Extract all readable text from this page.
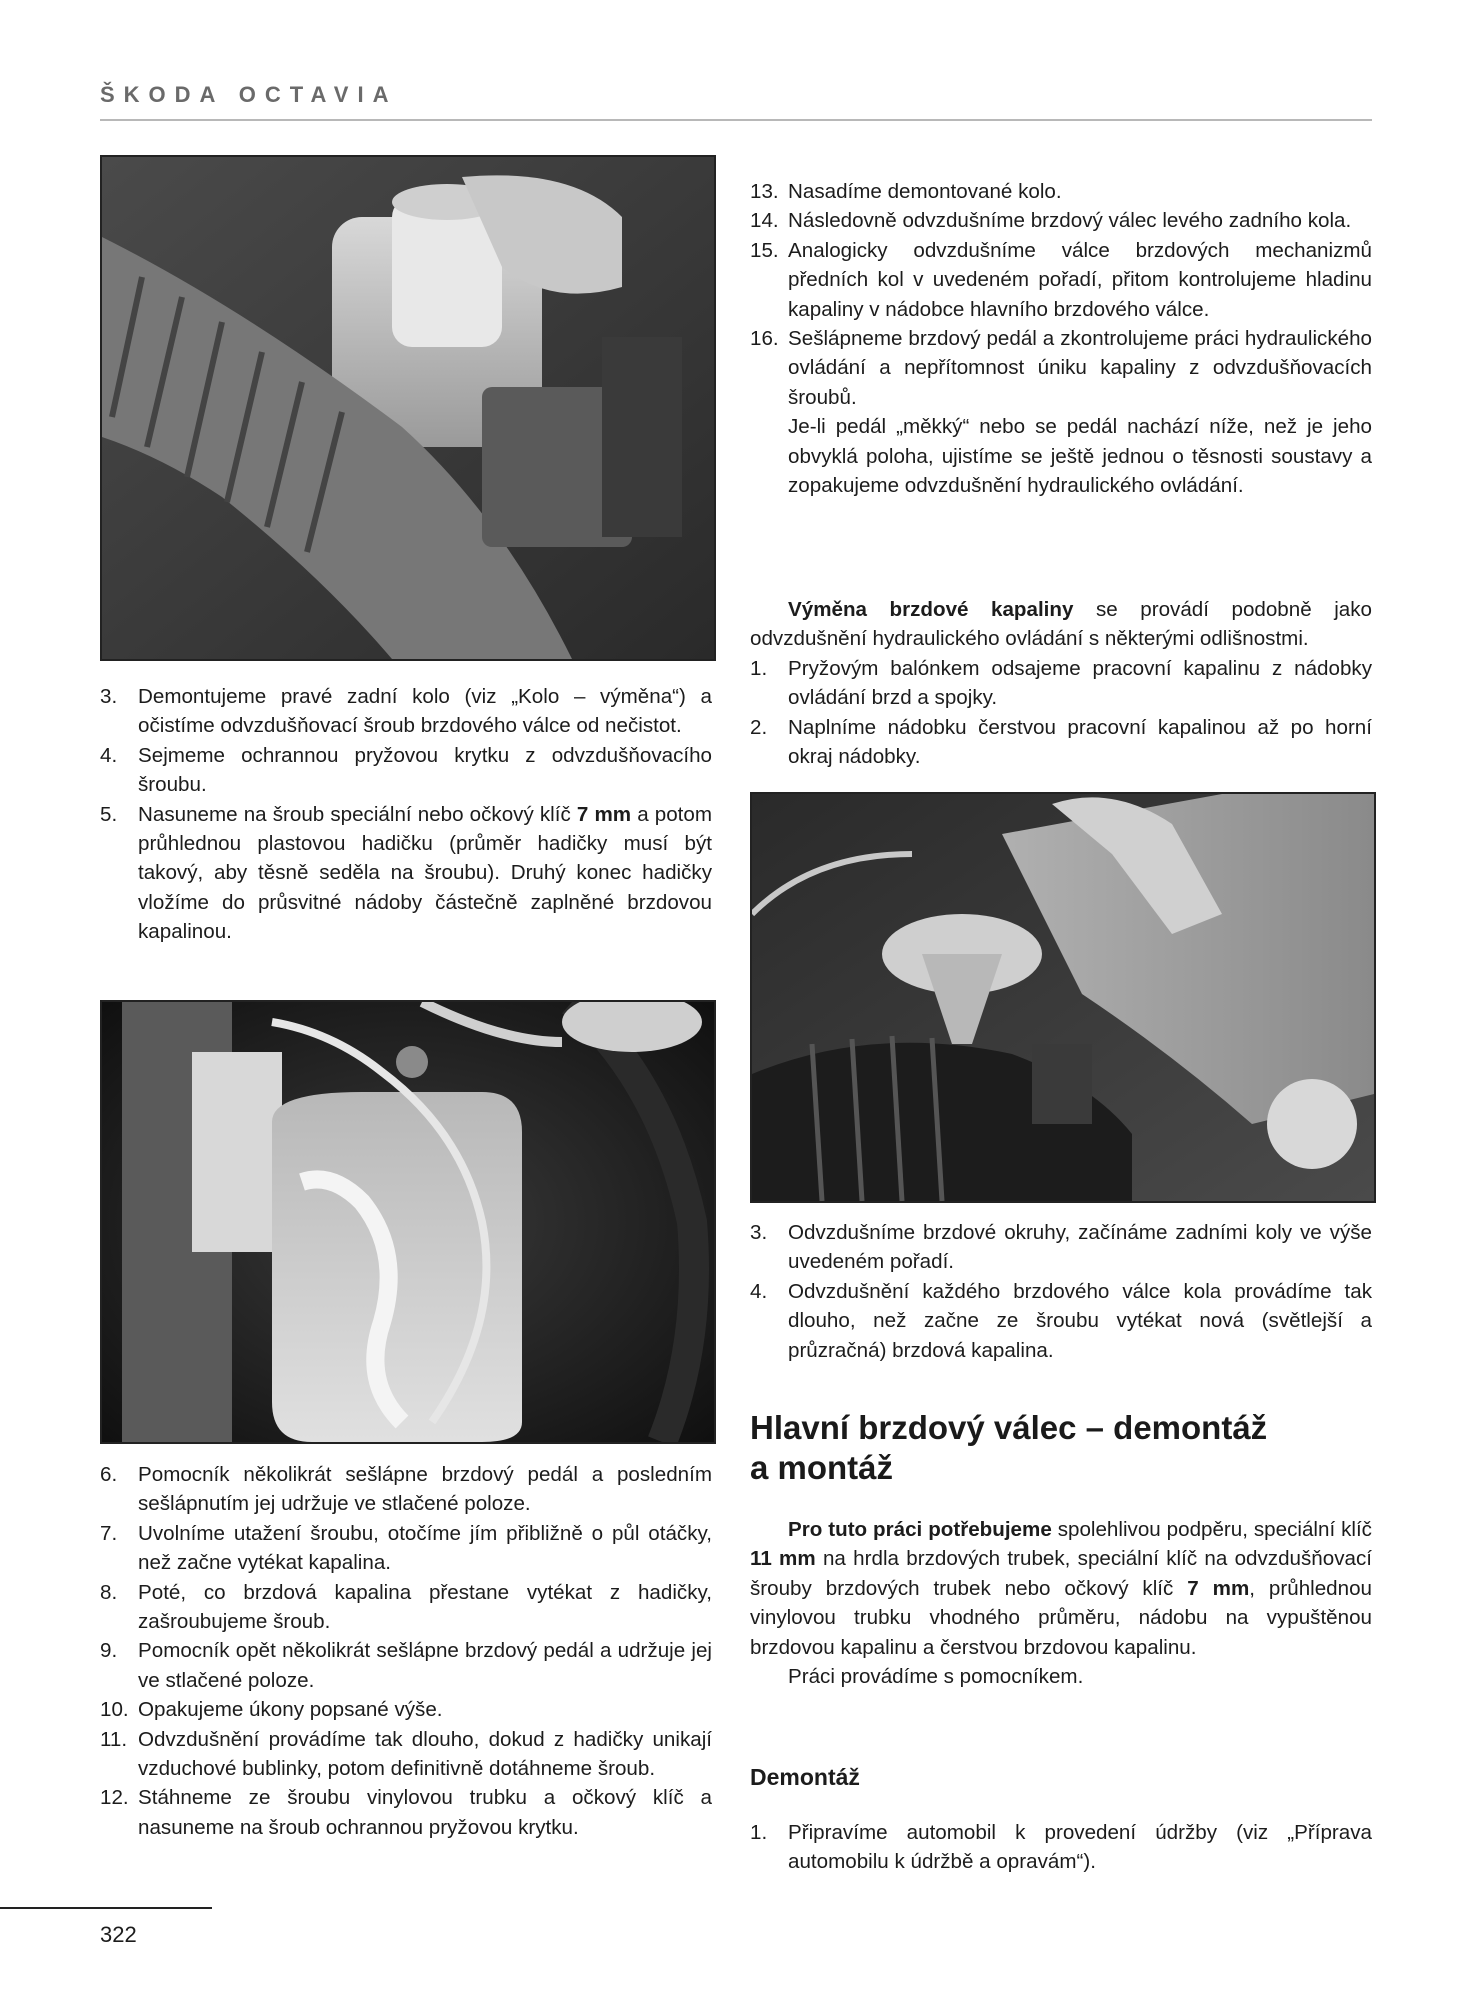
ŠKODA OCTAVIA
3. Demontujeme pravé zadní kolo (viz „Kolo – výměna“) a očistíme odvzdušňovací šroub brzdového válce od nečistot.
4. Sejmeme ochrannou pryžovou krytku z odvzdušňovacího šroubu.
5. Nasuneme na šroub speciální nebo očkový klíč 7 mm a potom průhlednou plastovou hadičku (průměr hadičky musí být takový, aby těsně seděla na šroubu). Druhý konec hadičky vložíme do průsvitné nádoby částečně zaplněné brzdovou kapalinou.
6. Pomocník několikrát sešlápne brzdový pedál a posledním sešlápnutím jej udržuje ve stlačené poloze.
7. Uvolníme utažení šroubu, otočíme jím přibližně o půl otáčky, než začne vytékat kapalina.
8. Poté, co brzdová kapalina přestane vytékat z hadičky, zašroubujeme šroub.
9. Pomocník opět několikrát sešlápne brzdový pedál a udržuje jej ve stlačené poloze.
10. Opakujeme úkony popsané výše.
11. Odvzdušnění provádíme tak dlouho, dokud z hadičky unikají vzduchové bublinky, potom definitivně dotáhneme šroub.
12. Stáhneme ze šroubu vinylovou trubku a očkový klíč a nasuneme na šroub ochrannou pryžovou krytku.
13. Nasadíme demontované kolo.
14. Následovně odvzdušníme brzdový válec levého zadního kola.
15. Analogicky odvzdušníme válce brzdových mechanizmů předních kol v uvedeném pořadí, přitom kontrolujeme hladinu kapaliny v nádobce hlavního brzdového válce.
16. Sešlápneme brzdový pedál a zkontrolujeme práci hydraulického ovládání a nepřítomnost úniku kapaliny z odvzdušňovacích šroubů.
Je-li pedál „měkký“ nebo se pedál nachází níže, než je jeho obvyklá poloha, ujistíme se ještě jednou o těsnosti soustavy a zopakujeme odvzdušnění hydraulického ovládání.

Výměna brzdové kapaliny se provádí podobně jako odvzdušnění hydraulického ovládání s některými odlišnostmi.

1. Pryžovým balónkem odsajeme pracovní kapalinu z nádobky ovládání brzd a spojky.
2. Naplníme nádobku čerstvou pracovní kapalinou až po horní okraj nádobky.
3. Odvzdušníme brzdové okruhy, začínáme zadními koly ve výše uvedeném pořadí.
4. Odvzdušnění každého brzdového válce kola provádíme tak dlouho, než začne ze šroubu vytékat nová (světlejší a průzračná) brzdová kapalina.
Hlavní brzdový válec – demontáž
a montáž

Pro tuto práci potřebujeme spolehlivou podpěru, speciální klíč 11 mm na hrdla brzdových trubek, speciální klíč na odvzdušňovací šrouby brzdových trubek nebo očkový klíč 7 mm, průhlednou vinylovou trubku vhodného průměru, nádobu na vypuštěnou brzdovou kapalinu a čerstvou brzdovou kapalinu.

Práci provádíme s pomocníkem.

Demontáž
1. Připravíme automobil k provedení údržby (viz „Příprava automobilu k údržbě a opravám“).
322
